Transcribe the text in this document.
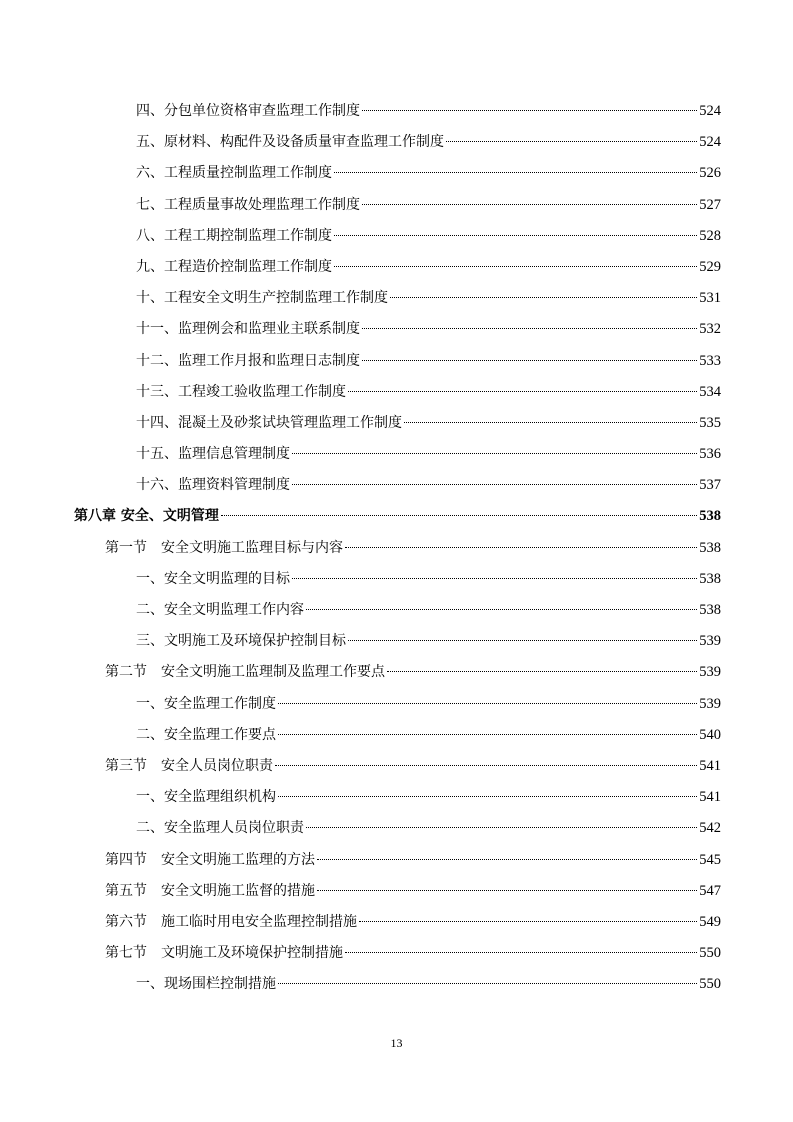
四、分包单位资格审查监理工作制度	524
五、原材料、构配件及设备质量审查监理工作制度	524
六、工程质量控制监理工作制度	526
七、工程质量事故处理监理工作制度	527
八、工程工期控制监理工作制度	528
九、工程造价控制监理工作制度	529
十、工程安全文明生产控制监理工作制度	531
十一、监理例会和监理业主联系制度	532
十二、监理工作月报和监理日志制度	533
十三、工程竣工验收监理工作制度	534
十四、混凝土及砂浆试块管理监理工作制度	535
十五、监理信息管理制度	536
十六、监理资料管理制度	537
第八章 安全、文明管理	538
第一节　安全文明施工监理目标与内容	538
一、安全文明监理的目标	538
二、安全文明监理工作内容	538
三、文明施工及环境保护控制目标	539
第二节　安全文明施工监理制及监理工作要点	539
一、安全监理工作制度	539
二、安全监理工作要点	540
第三节　安全人员岗位职责	541
一、安全监理组织机构	541
二、安全监理人员岗位职责	542
第四节　安全文明施工监理的方法	545
第五节　安全文明施工监督的措施	547
第六节　施工临时用电安全监理控制措施	549
第七节　文明施工及环境保护控制措施	550
一、现场围栏控制措施	550
13
